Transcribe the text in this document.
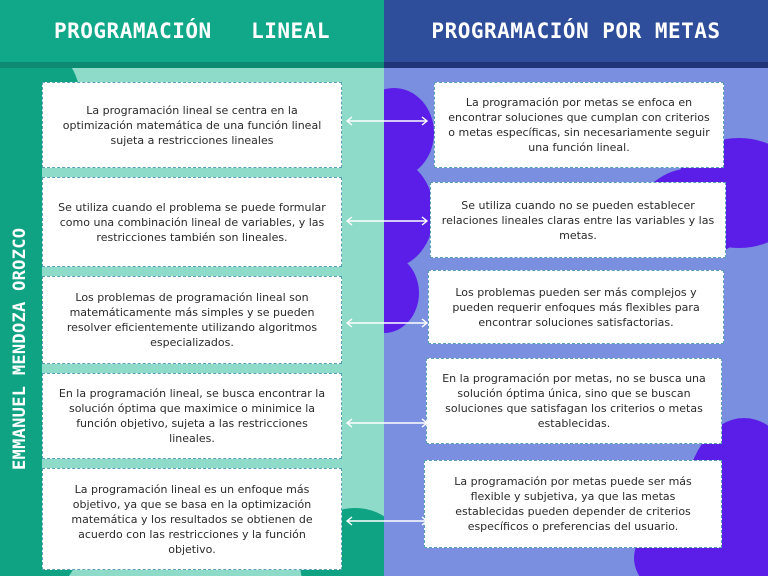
PROGRAMACIÓN   LINEAL	PROGRAMACIÓN POR METAS
EMMANUEL MENDOZA OROZCO
La programación lineal se centra en la optimización matemática de una función lineal sujeta a restricciones lineales
La programación por metas se enfoca en encontrar soluciones que cumplan con criterios o metas específicas, sin necesariamente seguir una función lineal.
Se utiliza cuando el problema se puede formular como una combinación lineal de variables, y las restricciones también son lineales.
Se utiliza cuando no se pueden establecer relaciones lineales claras entre las variables y las metas.
Los problemas de programación lineal son matemáticamente más simples y se pueden resolver eficientemente utilizando algoritmos especializados.
Los problemas pueden ser más complejos y pueden requerir enfoques más flexibles para encontrar soluciones satisfactorias.
En la programación lineal, se busca encontrar la solución óptima que maximice o minimice la función objetivo, sujeta a las restricciones lineales.
En la programación por metas, no se busca una solución óptima única, sino que se buscan soluciones que satisfagan los criterios o metas establecidas.
La programación lineal es un enfoque más objetivo, ya que se basa en la optimización matemática y los resultados se obtienen de acuerdo con las restricciones y la función objetivo.
La programación por metas puede ser más flexible y subjetiva, ya que las metas establecidas pueden depender de criterios específicos o preferencias del usuario.
